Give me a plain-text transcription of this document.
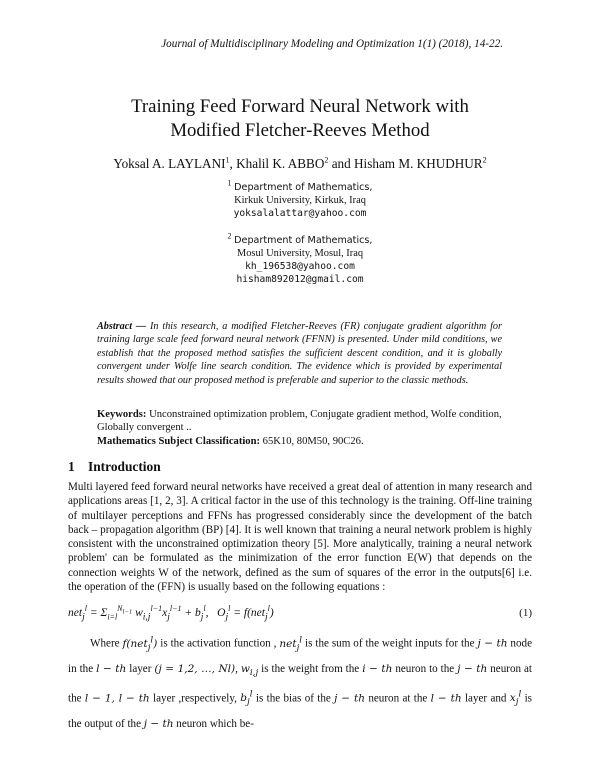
Journal of Multidisciplinary Modeling and Optimization 1(1) (2018), 14-22.
Training Feed Forward Neural Network with
Modified Fletcher-Reeves Method
Yoksal A. LAYLANI$^1$, Khalil K. ABBO$^2$ and Hisham M. KHUDHUR$^2$
$^1$ Department of Mathematics,
Kirkuk University, Kirkuk, Iraq
yoksalalattar@yahoo.com
$^2$ Department of Mathematics,
Mosul University, Mosul, Iraq
kh_196538@yahoo.com
hisham892012@gmail.com
Abstract — In this research, a modified Fletcher-Reeves (FR) conjugate gradient algorithm for training large scale feed forward neural network (FFNN) is presented. Under mild conditions, we establish that the proposed method satisfies the sufficient descent condition, and it is globally convergent under Wolfe line search condition. The evidence which is provided by experimental results showed that our proposed method is preferable and superior to the classic methods.
Keywords: Unconstrained optimization problem, Conjugate gradient method, Wolfe condition, Globally convergent ..
Mathematics Subject Classification: 65K10, 80M50, 90C26.
1 Introduction
Multi layered feed forward neural networks have received a great deal of attention in many research and applications areas [1, 2, 3]. A critical factor in the use of this technology is the training. Off-line training of multilayer perceptions and FFNs has progressed considerably since the development of the batch back – propagation algorithm (BP) [4]. It is well known that training a neural network problem is highly consistent with the unconstrained optimization theory [5]. More analytically, training a neural network problem' can be formulated as the minimization of the error function E(W) that depends on the connection weights W of the network, defined as the sum of squares of the error in the outputs[6] i.e. the operation of the (FFN) is usually based on the following equations :
$net_j^l = \Sigma_{i=l}^{N_{l-1}}$ $w_{i,j}^{l-1}x_j^{l-1} + b_j^l$,   $O_j^l = f(net_j^l)$	(1)
Where f(net$_j^l$) is the activation function , net$_j^l$ is the sum of the weight inputs for the j − th node in the l − th layer (j = 1,2, …, Nl), $w_{i,j}$ is the weight from the i − th neuron to the j − th neuron at the l − 1, l − th layer ,respectively, $b_j^l$ is the bias of the j − th neuron at the l − th layer and $x_j^l$ is the output of the j − th neuron which be-
